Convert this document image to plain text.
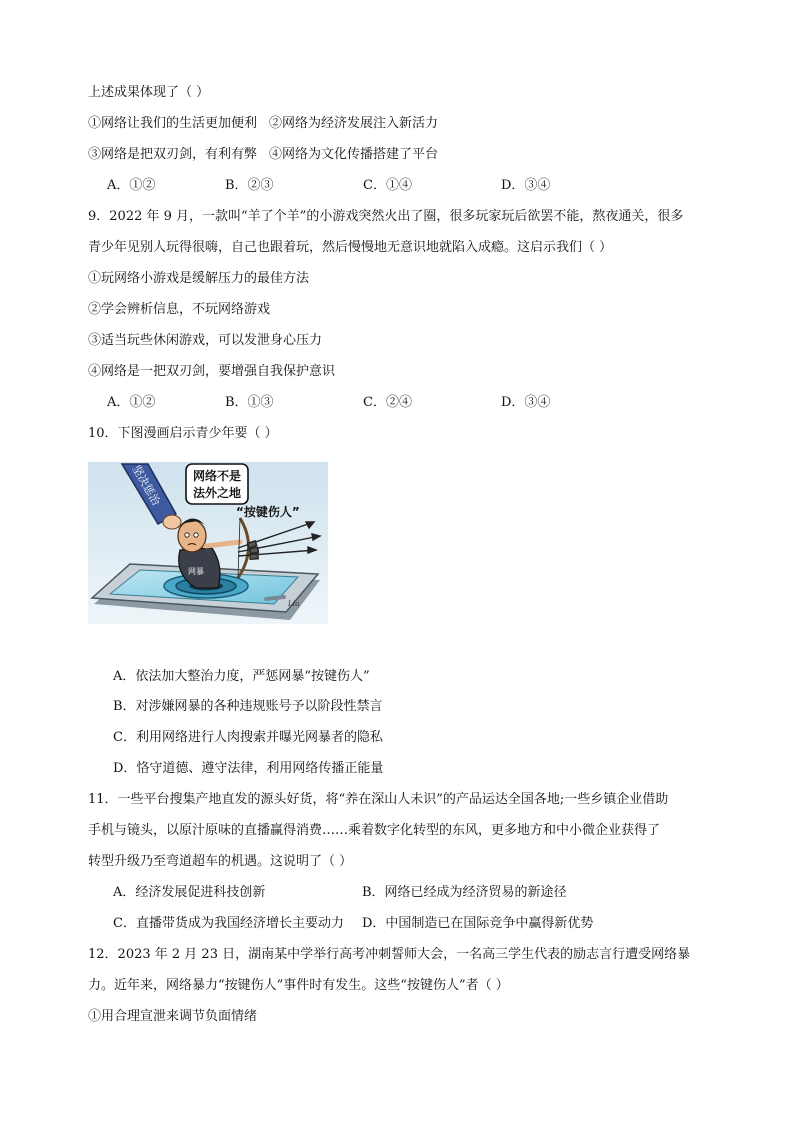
上述成果体现了（ ）
①网络让我们的生活更加便利 ②网络为经济发展注入新活力
③网络是把双刃剑，有利有弊 ④网络为文化传播搭建了平台
A．①②	B．②③	C．①④	D．③④
9．2022 年 9 月，一款叫“羊了个羊”的小游戏突然火出了圈，很多玩家玩后欲罢不能，熬夜通关，很多
青少年见别人玩得很嗨，自己也跟着玩，然后慢慢地无意识地就陷入成瘾。这启示我们（ ）
①玩网络小游戏是缓解压力的最佳方法
②学会辨析信息，不玩网络游戏
③适当玩些休闲游戏，可以发泄身心压力
④网络是一把双刃剑，要增强自我保护意识
A．①②	B．①③	C．②④	D．③④
10．下图漫画启示青少年要（ ）
坚决惩治	网络不是
法外之地
“按键伤人”
网暴
Liu
A．依法加大整治力度，严惩网暴“按键伤人”
B．对涉嫌网暴的各种违规账号予以阶段性禁言
C．利用网络进行人肉搜索并曝光网暴者的隐私
D．恪守道德、遵守法律，利用网络传播正能量
11．一些平台搜集产地直发的源头好货，将“养在深山人未识”的产品运达全国各地;一些乡镇企业借助
手机与镜头，以原汁原味的直播赢得消费……乘着数字化转型的东风，更多地方和中小微企业获得了
转型升级乃至弯道超车的机遇。这说明了（ ）
A．经济发展促进科技创新	B．网络已经成为经济贸易的新途径
C．直播带货成为我国经济增长主要动力 D．中国制造已在国际竞争中赢得新优势
12．2023 年 2 月 23 日，湖南某中学举行高考冲刺誓师大会，一名高三学生代表的励志言行遭受网络暴
力。近年来，网络暴力“按键伤人”事件时有发生。这些“按键伤人”者（ ）
①用合理宣泄来调节负面情绪
